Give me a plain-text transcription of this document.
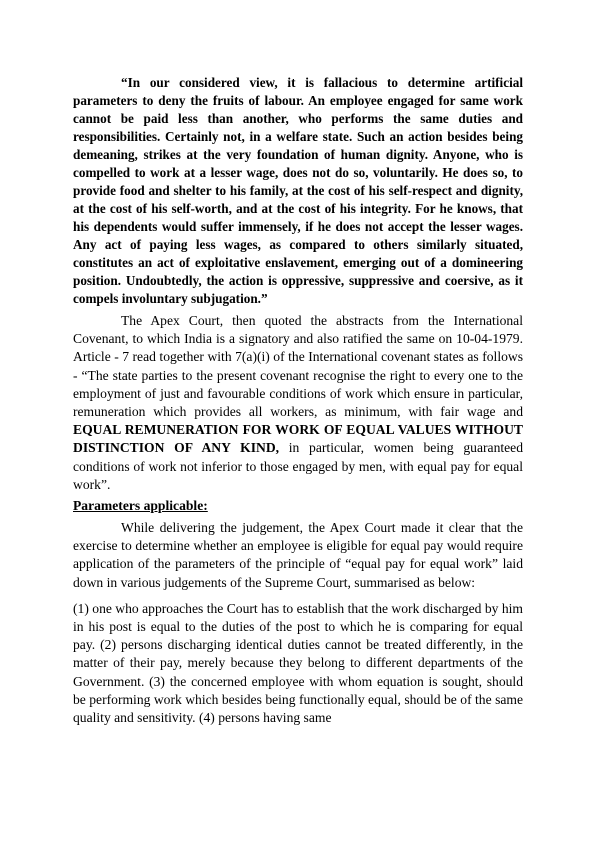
“In our considered view, it is fallacious to determine artificial parameters to deny the fruits of labour. An employee engaged for same work cannot be paid less than another, who performs the same duties and responsibilities. Certainly not, in a welfare state. Such an action besides being demeaning, strikes at the very foundation of human dignity. Anyone, who is compelled to work at a lesser wage, does not do so, voluntarily. He does so, to provide food and shelter to his family, at the cost of his self-respect and dignity, at the cost of his self-worth, and at the cost of his integrity. For he knows, that his dependents would suffer immensely, if he does not accept the lesser wages. Any act of paying less wages, as compared to others similarly situated, constitutes an act of exploitative enslavement, emerging out of a domineering position. Undoubtedly, the action is oppressive, suppressive and coersive, as it compels involuntary subjugation.”

The Apex Court, then quoted the abstracts from the International Covenant, to which India is a signatory and also ratified the same on 10-04-1979. Article - 7 read together with 7(a)(i) of the International covenant states as follows - “The state parties to the present covenant recognise the right to every one to the employment of just and favourable conditions of work which ensure in particular, remuneration which provides all workers, as minimum, with fair wage and EQUAL REMUNERATION FOR WORK OF EQUAL VALUES WITHOUT DISTINCTION OF ANY KIND, in particular, women being guaranteed conditions of work not inferior to those engaged by men, with equal pay for equal work”.

Parameters applicable:

While delivering the judgement, the Apex Court made it clear that the exercise to determine whether an employee is eligible for equal pay would require application of the parameters of the principle of “equal pay for equal work” laid down in various judgements of the Supreme Court, summarised as below:

(1) one who approaches the Court has to establish that the work discharged by him in his post is equal to the duties of the post to which he is comparing for equal pay. (2) persons discharging identical duties cannot be treated differently, in the matter of their pay, merely because they belong to different departments of the Government. (3) the concerned employee with whom equation is sought, should be performing work which besides being functionally equal, should be of the same quality and sensitivity. (4) persons having same
